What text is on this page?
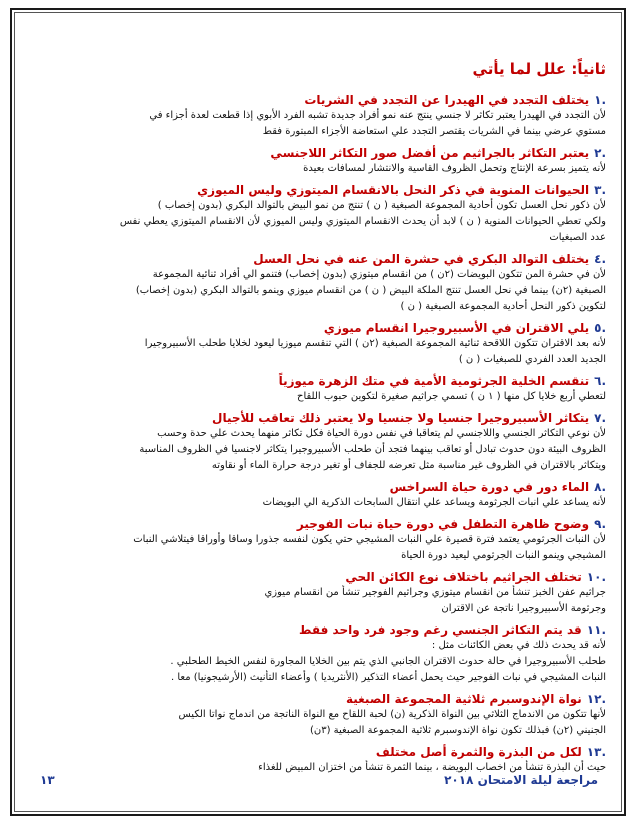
ثانياً: علل لما يأتي
.١
يختلف التجدد في الهيدرا عن التجدد في الشريات
لأن التجدد في الهيدرا يعتبر تكاثر لا جنسي ينتج عنه نمو أفراد جديدة تشبه الفرد الأبوي إذا قطعت لعدة أجزاء في
مستوي عرضي بينما في الشريات يقتصر التجدد علي استعاضة الأجزاء المبتورة فقط
.٢
يعتبر التكاثر بالجراثيم من أفضل صور التكاثر اللاجنسي
لأنه يتميز بسرعة الإنتاج وتحمل الظروف القاسية والانتشار لمسافات بعيدة
.٣
الحيوانات المنوية في ذكر النحل بالانقسام الميتوزي وليس الميوزي
لأن ذكور نحل العسل تكون أحادية المجموعة الصبغية ( ن ) تنتج من نمو البيض بالتوالد البكري (بدون إخصاب )
ولكي تعطي الحيوانات المنوية ( ن ) لابد أن يحدث الانقسام الميتوزي وليس الميوزي لأن الانقسام الميتوزي يعطي نفس
عدد الصبغيات
.٤
يختلف التوالد البكري في حشرة المن عنه في نحل العسل
لأن في حشرة المن تتكون البويضات (٢ن ) من انقسام ميتوزي (بدون إخصاب) فتنمو الي أفراد ثنائية المجموعة
الصبغية (٢ن) بينما في نحل العسل تنتج الملكة البيض ( ن ) من انقسام ميوزي وينمو بالتوالد البكري (بدون إخصاب)
لتكوين ذكور النحل أحادية المجموعة الصبغية ( ن )
.٥
يلي الاقتران في الأسبيروجيرا انقسام ميوزي
لأنه بعد الاقتران تتكون اللاقحة ثنائية المجموعة الصبغية (٢ن ) التي تنقسم ميوزيا ليعود لخلايا طحلب الأسبيروجيرا
الجديد العدد الفردي للصبغيات ( ن )
.٦
تنقسم الخلية الجرثومية الأمية في متك الزهرة ميوزياً
لتعطي أربع خلايا كل منها ( ١ ن ) تسمي جراثيم صغيرة لتكوين حبوب اللقاح
.٧
يتكاثر الأسبيروجيرا جنسيا ولا جنسيا ولا يعتبر ذلك تعاقب للأجيال
لأن نوعي التكاثر الجنسي واللاجنسي لم يتعاقبا في نفس دورة الحياة فكل تكاثر منهما يحدث علي حدة وحسب
الظروف البيئة دون حدوث تبادل أو تعاقب بينهما فتجد أن طحلب الأسبيروجيرا يتكاثر لاجنسيا في الظروف المناسبة
ويتكاثر بالاقتران في الظروف غير مناسبة مثل تعرضه للجفاف أو تغير درجة حرارة الماء أو نقاوته
.٨
الماء دور في دورة حياة السراخس
لأنه يساعد علي انبات الجرثومة ويساعد علي انتقال السابحات الذكرية الي البويضات
.٩
وضوح ظاهرة التطفل في دورة حياة نبات الفوجير
لأن النبات الجرثومي يعتمد فترة قصيرة علي النبات المشيجي حتي يكون لنفسه جذورا وساقا وأوراقا فيتلاشي النبات
المشيجي وينمو النبات الجرثومي ليعيد دورة الحياة
.١٠
تختلف الجراثيم باختلاف نوع الكائن الحي
جراثيم عفن الخبز تنشأ من انقسام ميتوزي وجراثيم الفوجير تنشأ من انقسام ميوزي
وجرثومة الأسبيروجيرا ناتجة عن الاقتران
.١١
قد يتم التكاثر الجنسي رغم وجود فرد واحد فقط
لأنه قد يحدث ذلك في بعض الكائنات مثل :
طحلب الأسبيروجيرا في حالة حدوث الاقتران الجانبي الذي يتم بين الخلايا المجاورة لنفس الخيط الطحلبي .
النبات المشيجي في نبات الفوجير حيث يحمل أعضاء التذكير (الأنثريديا ) وأعضاء التأنيث (الأرشيجونيا) معا .
.١٢
نواة الإندوسبرم ثلاثية المجموعة الصبغية
لأنها تتكون من الاندماج الثلاثي بين النواة الذكرية (ن) لحبة اللقاح مع النواة الناتجة من اندماج نواتا الكيس
الجنيني (٢ن) فبذلك تكون نواة الإندوسبرم ثلاثية المجموعة الصبغية (٣ن)
.١٣
لكل من البذرة والثمرة أصل مختلف
حيث أن البذرة تنشأ من اخصاب البويضة ، بينما الثمرة تنشأ من اختزان المبيض للغذاء
مراجعة ليلة الامتحان ٢٠١٨
١٣
